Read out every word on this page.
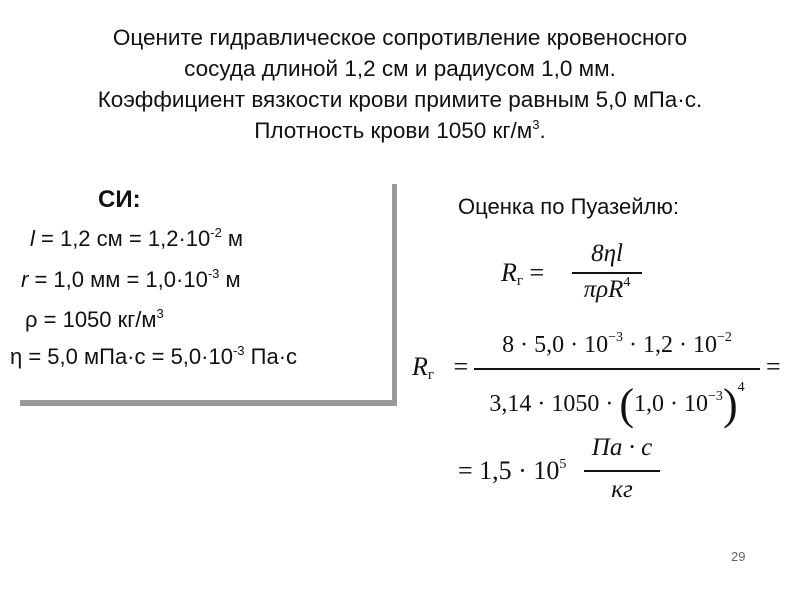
Оцените гидравлическое сопротивление кровеносного
сосуда длиной 1,2 см и радиусом 1,0 мм.
Коэффициент вязкости крови примите равным 5,0 мПа·с.
Плотность крови 1050 $кг/м^3$.
СИ:
l = 1,2 см = $1,2\cdot 10^{-2}$ м
r = 1,0 мм = $1,0\cdot 10^{-3}$ м
ρ = 1050 $кг/м^3$
η = 5,0 $мПа\cdot с = 5,0\cdot 10^{-3}$ Па·с
Оценка по Пуазейлю:
$R_г$ =
8ηl
πρR$^4$
$R_г$ =
$8 \cdot 5,0 \cdot 10^{-3} \cdot 1,2 \cdot 10^{-2}$
$3,14 \cdot 1050 \cdot (1,0 \cdot 10^{-3})^4$
=
= $1,5 \cdot 10^5$
Па · с
кг
29
